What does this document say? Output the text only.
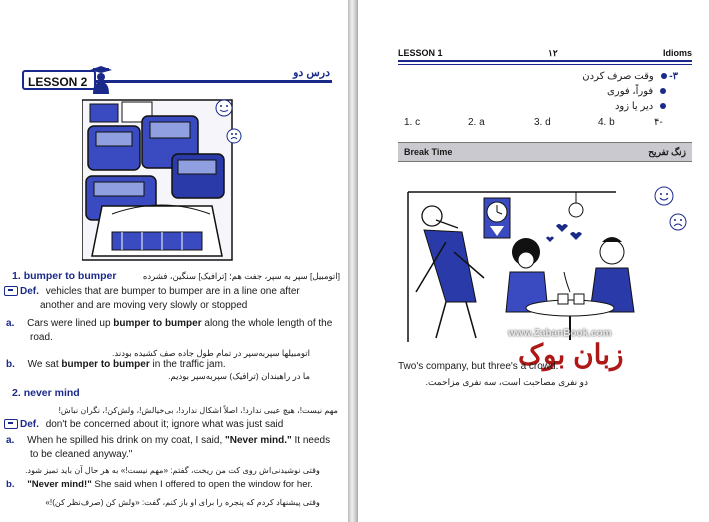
LESSON 2
درس دو
1. bumper to bumper	[اتومبیل] سپر به سپر، جفت هم؛ [ترافیک] سنگین، فشرده
Def. vehicles that are bumper to bumper are in a line one after
another and are moving very slowly or stopped
a. Cars were lined up bumper to bumper along the whole length of the
road.
اتومبیلها سپربه‌سپر در تمام طول جاده صف کشیده بودند.
b. We sat bumper to bumper in the traffic jam.
ما در راهبندان (ترافیک) سپربه‌سپر بودیم.
2. never mind
مهم نیست!، هیچ عیبی ندارد!، اصلاً اشکال ندارد!، بی‌خیالش!، ولش‌کن!، نگران نباش!
Def. don't be concerned about it; ignore what was just said
a. When he spilled his drink on my coat, I said, "Never mind." It needs
to be cleaned anyway."
وقتی نوشیدنی‌اش روی کت من ریخت، گفتم: «مهم نیست!» به هر حال آن باید تمیز شود.
b. "Never mind!" She said when I offered to open the window for her.
وقتی پیشنهاد کردم که پنجره را برای او باز کنم، گفت: «ولش کن (صرف‌نظر کن)!»
LESSON 1	۱۲	Idioms
۳-  وقت صرف کردن
فوراً، فوری
دیر یا زود
1. c	2. a	3. d	4. b	۴-
Break Time	زنگ تفریح
www.ZabanBook.com
زبان بوک
Two's company, but three's a crowd.
دو نفری مصاحبت است، سه نفری مزاحمت.
